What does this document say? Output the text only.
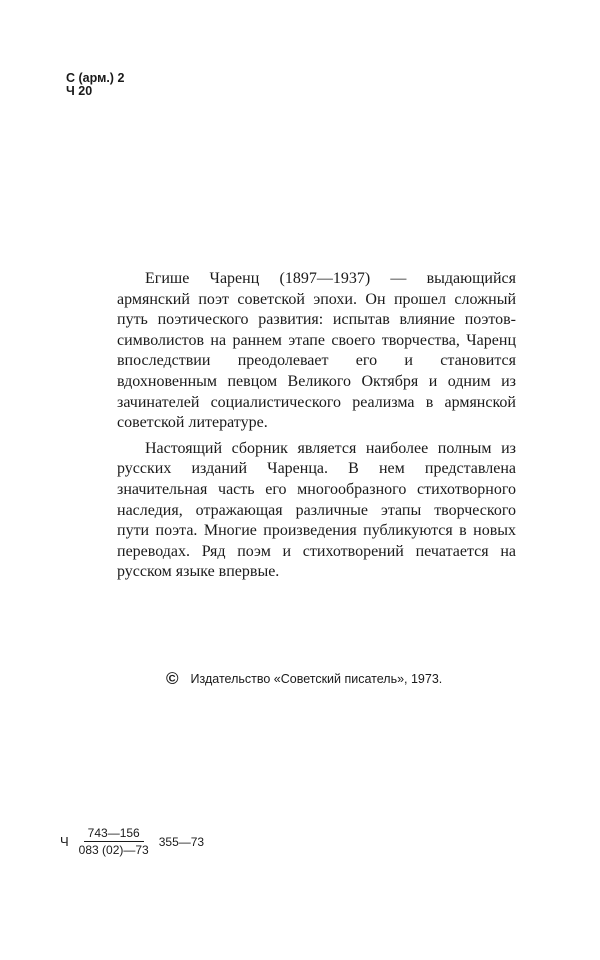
С (арм.) 2
Ч 20

Егише Чаренц (1897—1937) — выдающийся армянский поэт советской эпохи. Он прошел сложный путь поэтического развития: испытав влияние поэтов-символистов на раннем этапе своего творчества, Чаренц впоследствии преодолевает его и становится вдохновенным певцом Великого Октября и одним из зачинателей социалистического реализма в армянской советской литературе.

Настоящий сборник является наиболее полным из русских изданий Чаренца. В нем представлена значительная часть его многообразного стихотворного наследия, отражающая различные этапы творческого пути поэта. Многие произведения публикуются в новых переводах. Ряд поэм и стихотворений печатается на русском языке впервые.

© Издательство «Советский писатель», 1973.
Ч $\frac{743—156}{083 (02)—73}$ 355—73
